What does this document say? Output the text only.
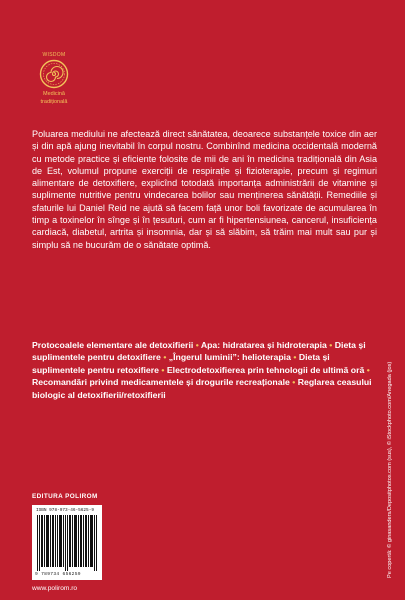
WISDOM
Medicină
tradițională

Poluarea mediului ne afectează direct sănătatea, deoarece substanțele toxice din aer și din apă ajung inevitabil în corpul nostru. Combinînd medicina occidentală modernă cu metode practice și eficiente folosite de mii de ani în medicina tradițională din Asia de Est, volumul propune exerciții de respirație și fizioterapie, precum și regimuri alimentare de detoxifiere, explicînd totodată importanța administrării de vitamine și suplimente nutritive pentru vindecarea bolilor sau menținerea sănătății. Remediile și sfaturile lui Daniel Reid ne ajută să facem față unor boli favorizate de acumularea în timp a toxinelor în sînge și în țesuturi, cum ar fi hipertensiunea, cancerul, insuficiența cardiacă, diabetul, artrita și insomnia, dar și să slăbim, să trăim mai mult sau pur și simplu să ne bucurăm de o sănătate optimă.

Protocoalele elementare ale detoxifierii • Apa: hidratarea și hidroterapia • Dieta și suplimentele pentru detoxifiere • „Îngerul luminii”: helioterapia • Dieta și suplimentele pentru retoxifiere • Electrodetoxifierea prin tehnologii de ultimă oră • Recomandări privind medicamentele și drogurile recreaționale • Reglarea ceasului biologic al detoxifierii/retoxifierii

EDITURA POLIROM
ISBN 978-973-46-5625-9
9 789734 656259
www.polirom.ro
Pe copertă: © ginasanders/Depositphotos.com (sus), © iStockphoto.com/Anegada (jos)
